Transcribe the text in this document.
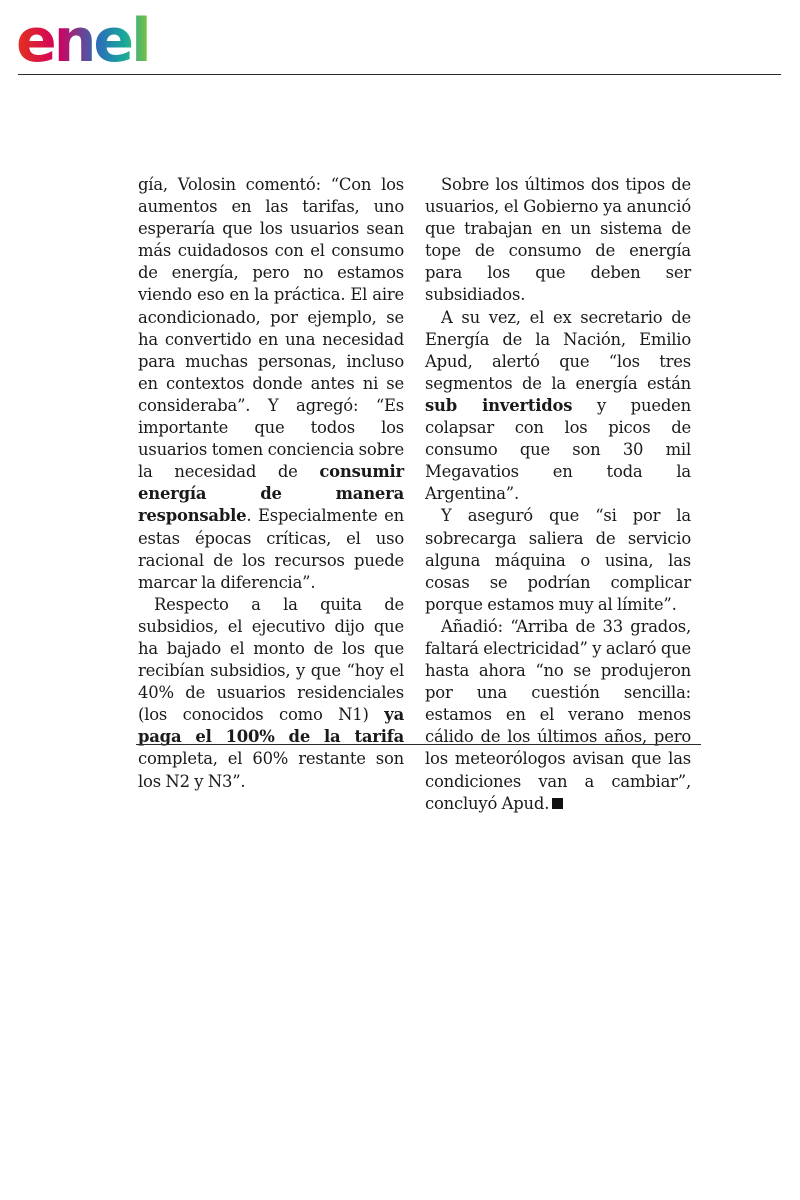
enel

gía, Volosin comentó: “Con los aumentos en las tarifas, uno esperaría que los usuarios sean más cuidadosos con el consumo de energía, pero no estamos viendo eso en la práctica. El aire acondicionado, por ejemplo, se ha convertido en una necesidad para muchas personas, incluso en contextos donde antes ni se consideraba”. Y agregó: “Es importante que todos los usuarios tomen conciencia sobre la necesidad de consumir energía de manera responsable. Especialmente en estas épocas críticas, el uso racional de los recursos puede marcar la diferencia”.

Respecto a la quita de subsidios, el ejecutivo dijo que ha bajado el monto de los que recibían subsidios, y que “hoy el 40% de usuarios residenciales (los conocidos como N1) ya paga el 100% de la tarifa completa, el 60% restante son los N2 y N3”.

Sobre los últimos dos tipos de usuarios, el Gobierno ya anunció que trabajan en un sistema de tope de consumo de energía para los que deben ser subsidiados.

A su vez, el ex secretario de Energía de la Nación, Emilio Apud, alertó que “los tres segmentos de la energía están sub invertidos y pueden colapsar con los picos de consumo que son 30 mil Megavatios en toda la Argentina”.

Y aseguró que “si por la sobrecarga saliera de servicio alguna máquina o usina, las cosas se podrían complicar porque estamos muy al límite”.

Añadió: “Arriba de 33 grados, faltará electricidad” y aclaró que hasta ahora “no se produjeron por una cuestión sencilla: estamos en el verano menos cálido de los últimos años, pero los meteorólogos avisan que las condiciones van a cambiar”, concluyó Apud.
